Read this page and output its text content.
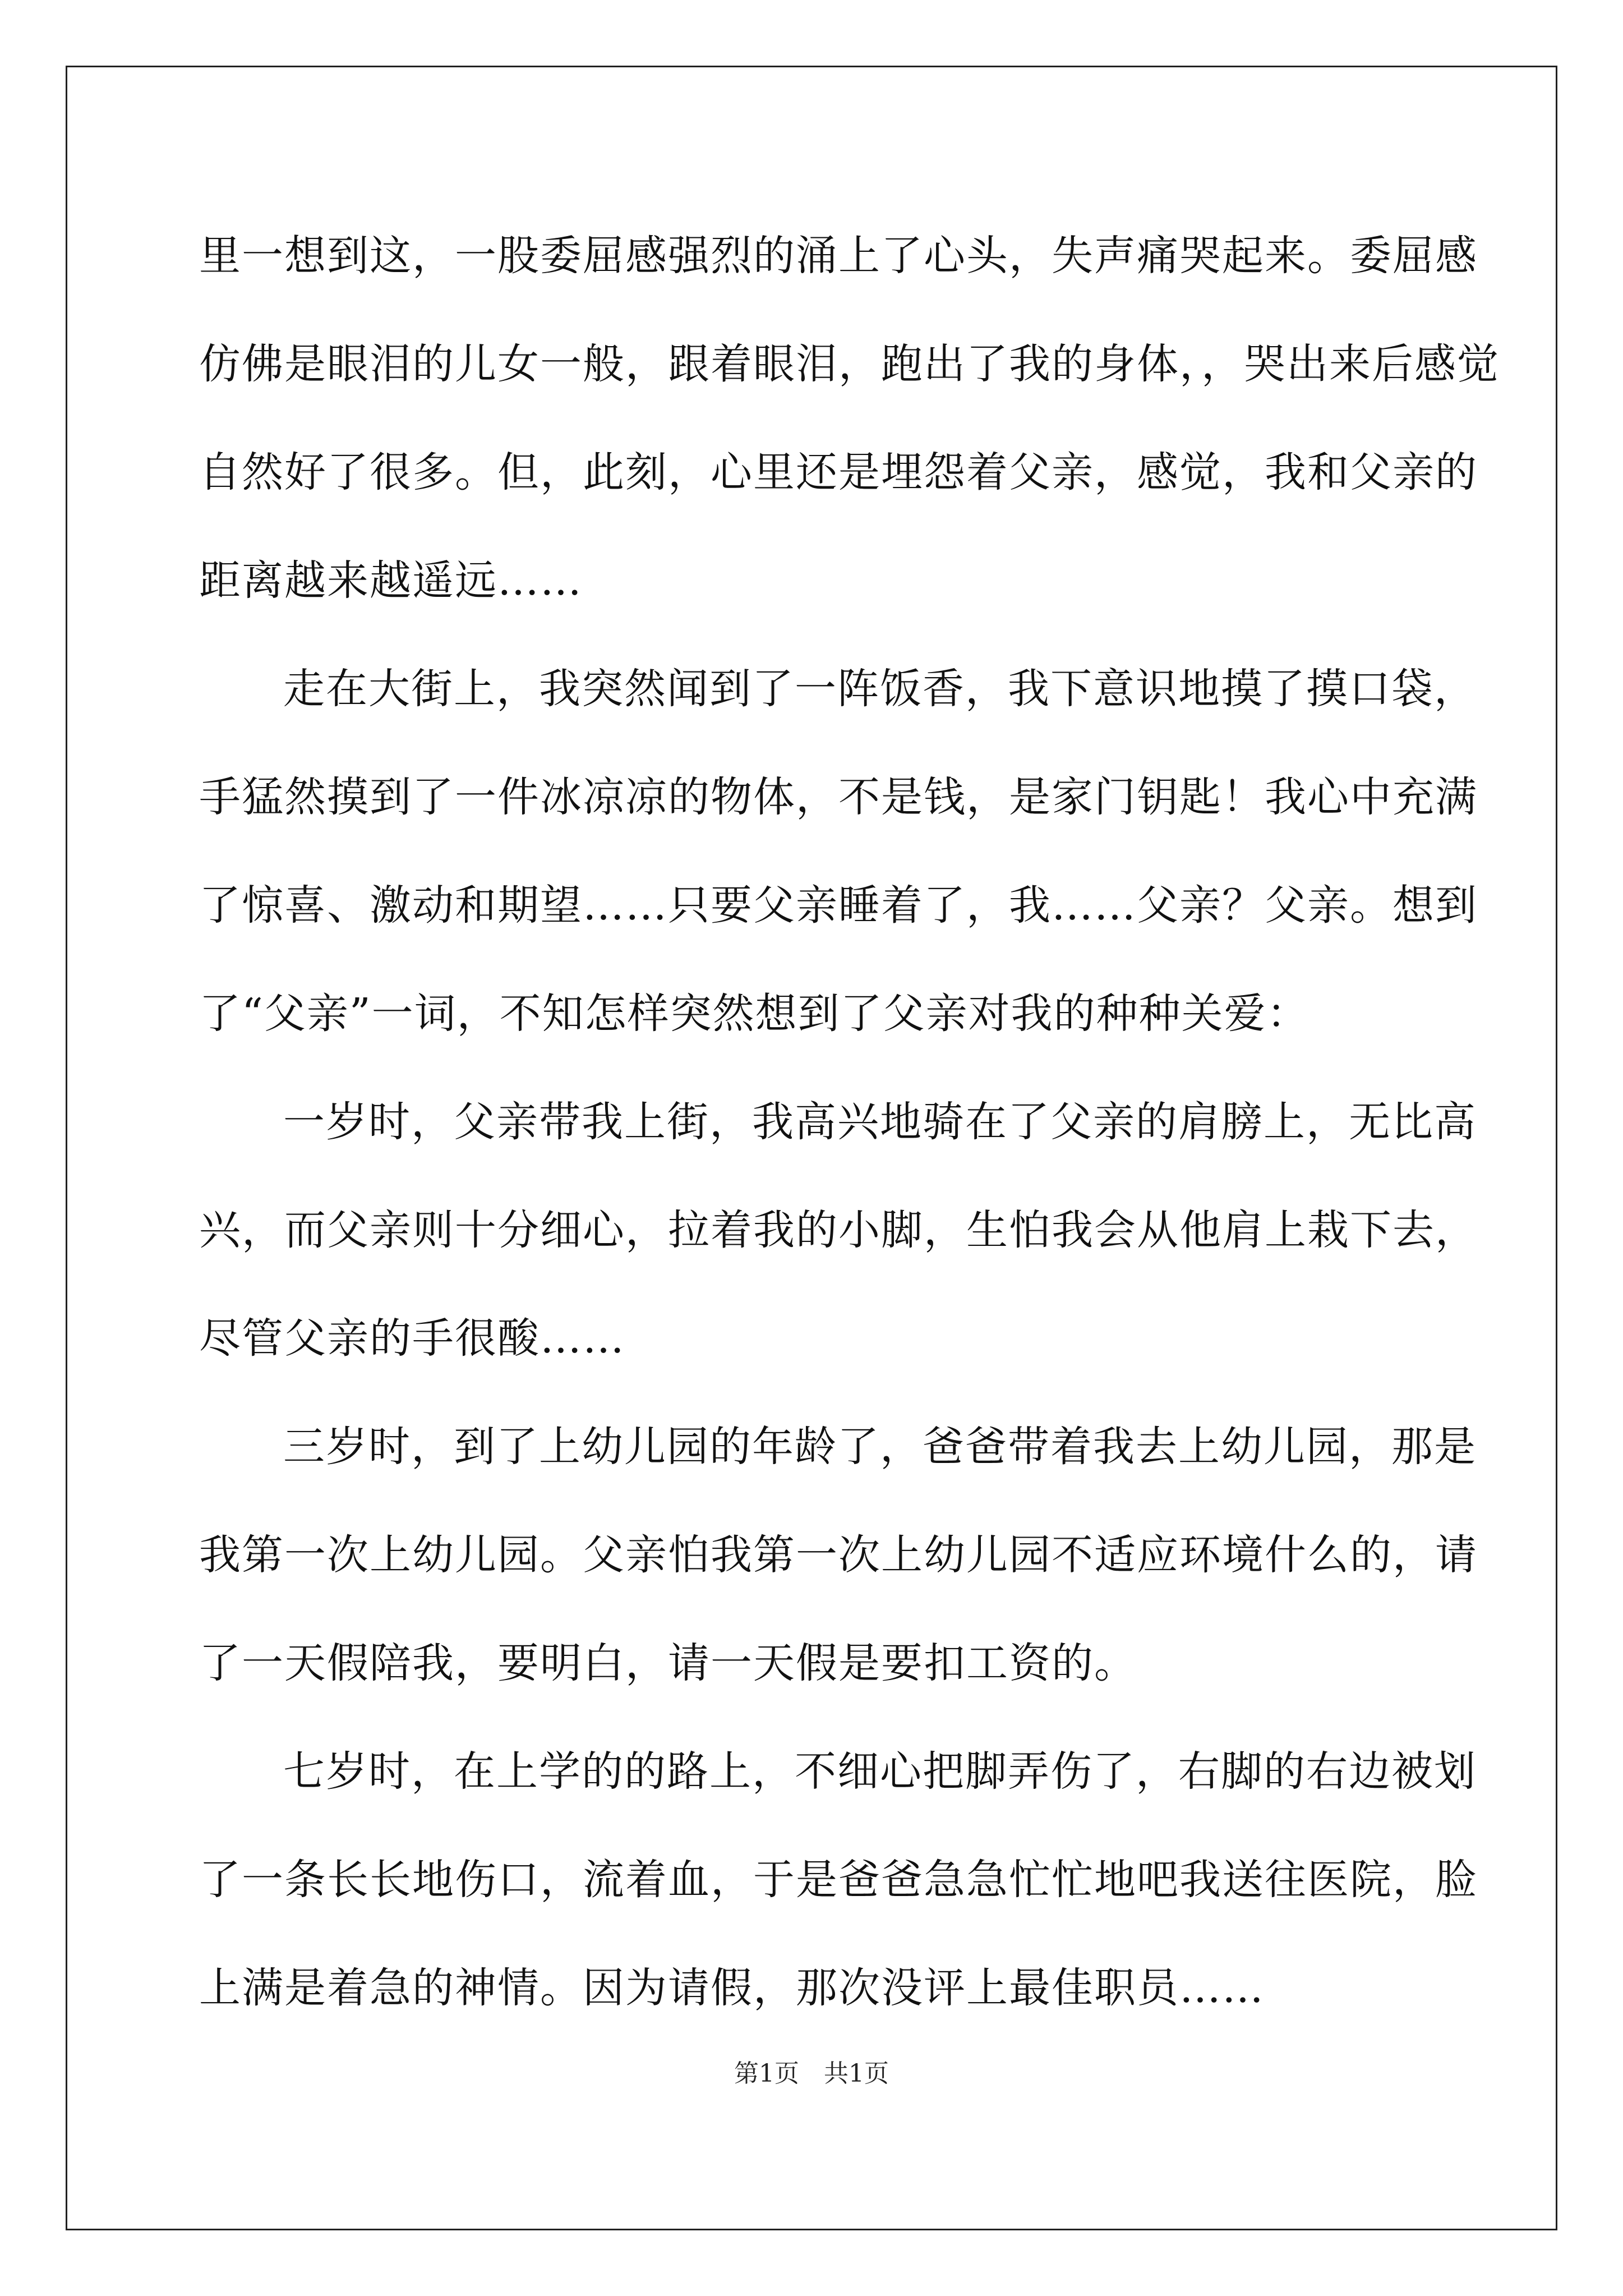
里一想到这，一股委屈感强烈的涌上了心头，失声痛哭起来。委屈感
仿佛是眼泪的儿女一般，跟着眼泪，跑出了我的身体，，哭出来后感觉
自然好了很多。但，此刻，心里还是埋怨着父亲，感觉，我和父亲的
距离越来越遥远……
走在大街上，我突然闻到了一阵饭香，我下意识地摸了摸口袋，
手猛然摸到了一件冰凉凉的物体，不是钱，是家门钥匙！我心中充满
了惊喜、激动和期望……只要父亲睡着了，我……父亲？父亲。想到
了“父亲”一词，不知怎样突然想到了父亲对我的种种关爱：
一岁时，父亲带我上街，我高兴地骑在了父亲的肩膀上，无比高
兴，而父亲则十分细心，拉着我的小脚，生怕我会从他肩上栽下去，
尽管父亲的手很酸……
三岁时，到了上幼儿园的年龄了，爸爸带着我去上幼儿园，那是
我第一次上幼儿园。父亲怕我第一次上幼儿园不适应环境什么的，请
了一天假陪我，要明白，请一天假是要扣工资的。
七岁时，在上学的的路上，不细心把脚弄伤了，右脚的右边被划
了一条长长地伤口，流着血，于是爸爸急急忙忙地吧我送往医院，脸
上满是着急的神情。因为请假，那次没评上最佳职员……
第1页　共1页
